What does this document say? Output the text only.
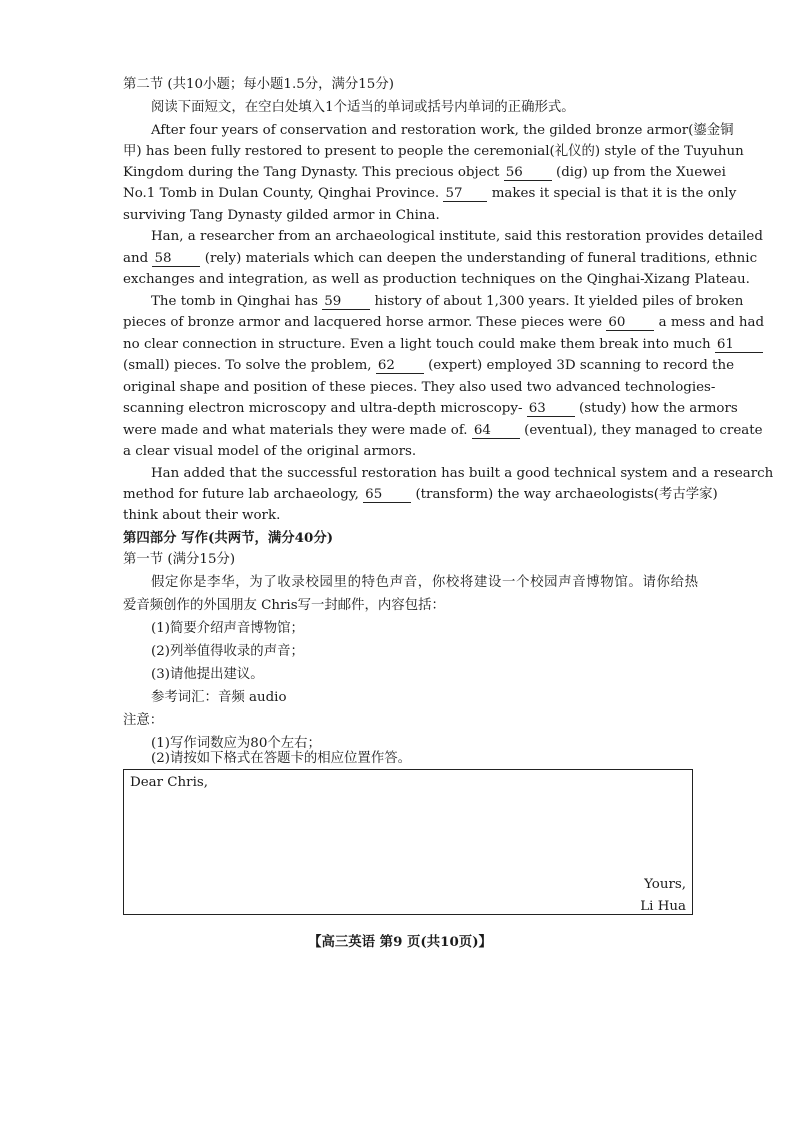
第二节 (共10小题；每小题1.5分，满分15分)
阅读下面短文，在空白处填入1个适当的单词或括号内单词的正确形式。
After four years of conservation and restoration work, the gilded bronze armor(鎏金铜
甲) has been fully restored to present to people the ceremonial(礼仪的) style of the Tuyuhun
Kingdom during the Tang Dynasty. This precious object 56 (dig) up from the Xuewei
No.1 Tomb in Dulan County, Qinghai Province. 57 makes it special is that it is the only
surviving Tang Dynasty gilded armor in China.
Han, a researcher from an archaeological institute, said this restoration provides detailed
and 58 (rely) materials which can deepen the understanding of funeral traditions, ethnic
exchanges and integration, as well as production techniques on the Qinghai-Xizang Plateau.
The tomb in Qinghai has 59 history of about 1,300 years. It yielded piles of broken
pieces of bronze armor and lacquered horse armor. These pieces were 60 a mess and had
no clear connection in structure. Even a light touch could make them break into much 61
(small) pieces. To solve the problem, 62 (expert) employed 3D scanning to record the
original shape and position of these pieces. They also used two advanced technologies-
scanning electron microscopy and ultra-depth microscopy- 63 (study) how the armors
were made and what materials they were made of. 64 (eventual), they managed to create
a clear visual model of the original armors.
Han added that the successful restoration has built a good technical system and a research
method for future lab archaeology, 65 (transform) the way archaeologists(考古学家)
think about their work.
第四部分 写作(共两节，满分40分)
第一节 (满分15分)
假定你是李华，为了收录校园里的特色声音，你校将建设一个校园声音博物馆。请你给热
爱音频创作的外国朋友 Chris写一封邮件，内容包括：
(1)简要介绍声音博物馆；
(2)列举值得收录的声音；
(3)请他提出建议。
参考词汇：音频 audio
注意：
(1)写作词数应为80个左右；
(2)请按如下格式在答题卡的相应位置作答。
Dear Chris,
Yours,
Li Hua
【高三英语 第9 页(共10页)】
